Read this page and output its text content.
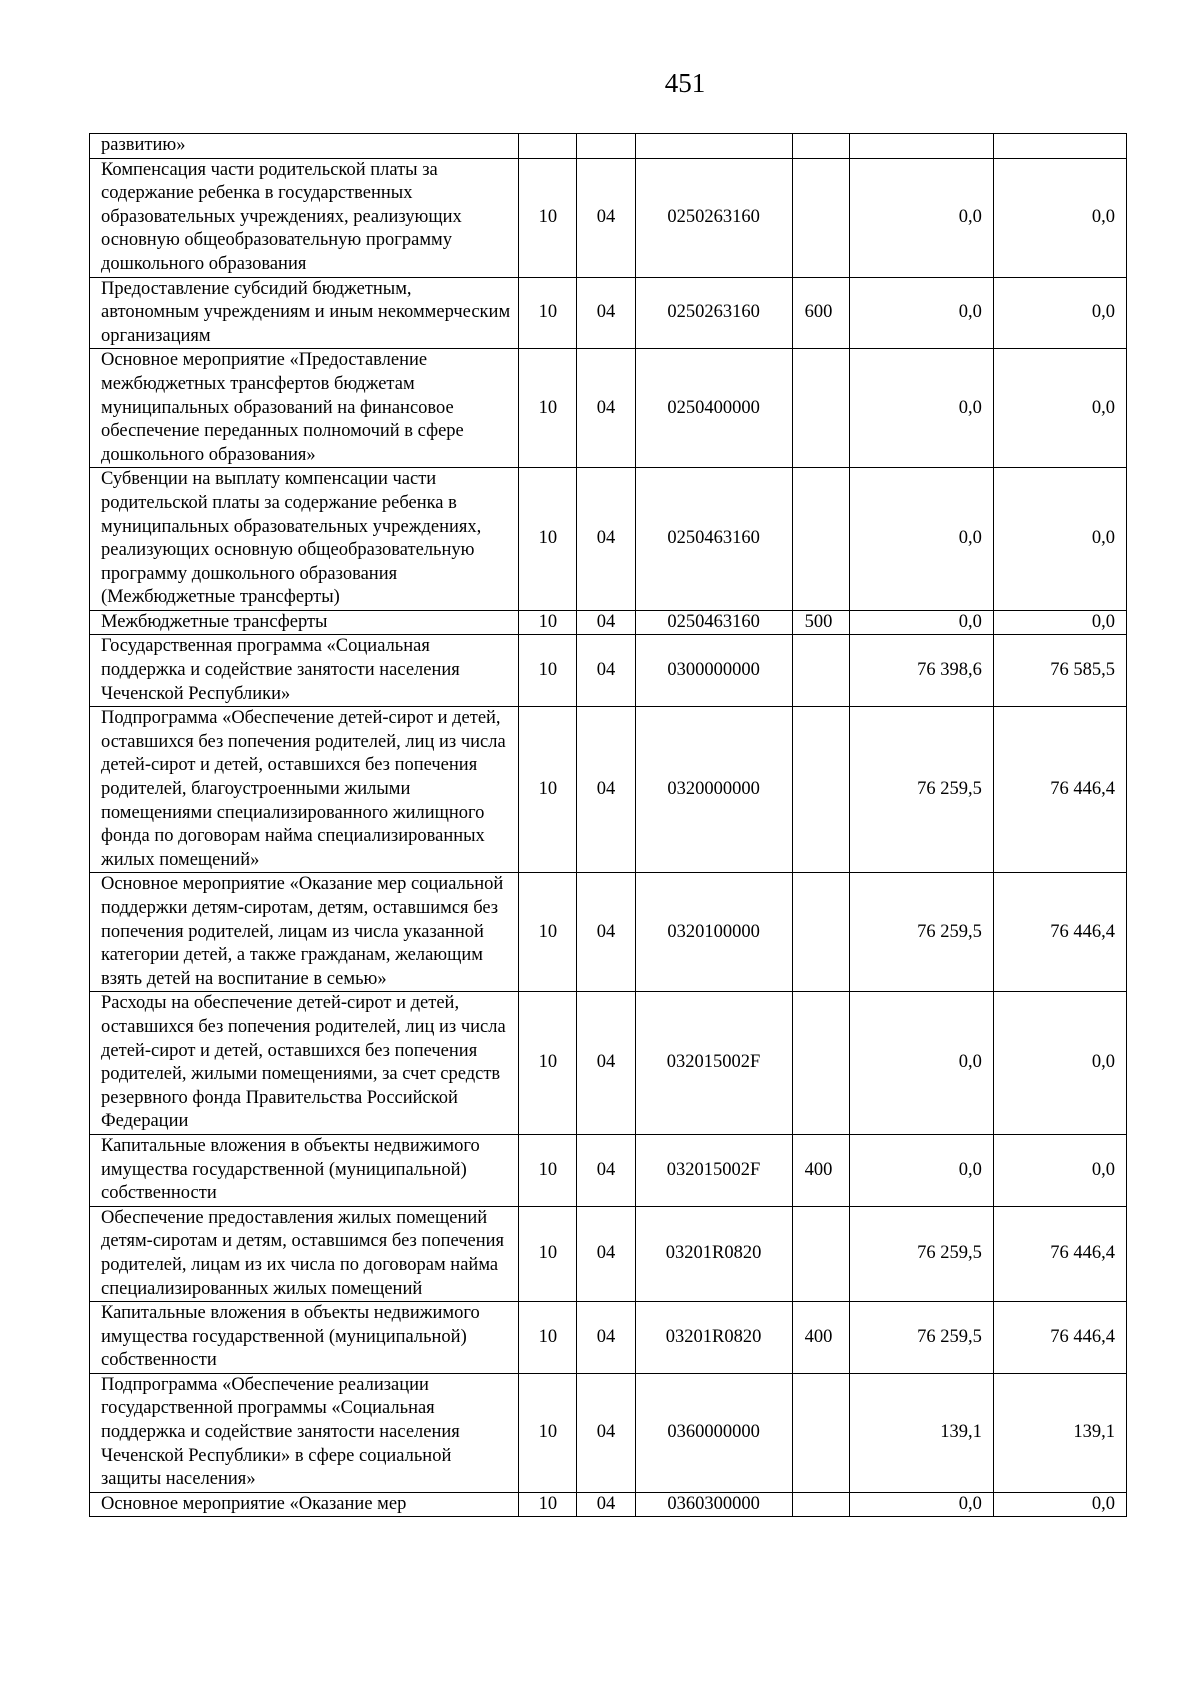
451
развитию»						
Компенсация части родительской платы за содержание ребенка в государственных образовательных учреждениях, реализующих основную общеобразовательную программу дошкольного образования	10	04	0250263160		0,0	0,0
Предоставление субсидий бюджетным, автономным учреждениям и иным некоммерческим организациям	10	04	0250263160	600	0,0	0,0
Основное мероприятие «Предоставление межбюджетных трансфертов бюджетам муниципальных образований на финансовое обеспечение переданных полномочий в сфере дошкольного образования»	10	04	0250400000		0,0	0,0
Субвенции на выплату компенсации части родительской платы за содержание ребенка в муниципальных образовательных учреждениях, реализующих основную общеобразовательную программу дошкольного образования (Межбюджетные трансферты)	10	04	0250463160		0,0	0,0
Межбюджетные трансферты	10	04	0250463160	500	0,0	0,0
Государственная программа «Социальная поддержка и содействие занятости населения Чеченской Республики»	10	04	0300000000		76 398,6	76 585,5
Подпрограмма «Обеспечение детей-сирот и детей, оставшихся без попечения родителей, лиц из числа детей-сирот и детей, оставшихся без попечения родителей, благоустроенными жилыми помещениями специализированного жилищного фонда по договорам найма специализированных жилых помещений»	10	04	0320000000		76 259,5	76 446,4
Основное мероприятие «Оказание мер социальной поддержки детям-сиротам, детям, оставшимся без попечения родителей, лицам из числа указанной категории детей, а также гражданам, желающим взять детей на воспитание в семью»	10	04	0320100000		76 259,5	76 446,4
Расходы на обеспечение детей-сирот и детей, оставшихся без попечения родителей, лиц из числа детей-сирот и детей, оставшихся без попечения родителей, жилыми помещениями, за счет средств резервного фонда Правительства Российской Федерации	10	04	032015002F		0,0	0,0
Капитальные вложения в объекты недвижимого имущества государственной (муниципальной) собственности	10	04	032015002F	400	0,0	0,0
Обеспечение предоставления жилых помещений детям-сиротам и детям, оставшимся без попечения родителей, лицам из их числа по договорам найма специализированных жилых помещений	10	04	03201R0820		76 259,5	76 446,4
Капитальные вложения в объекты недвижимого имущества государственной (муниципальной) собственности	10	04	03201R0820	400	76 259,5	76 446,4
Подпрограмма «Обеспечение реализации государственной программы «Социальная поддержка и содействие занятости населения Чеченской Республики» в сфере социальной защиты населения»	10	04	0360000000		139,1	139,1
Основное мероприятие «Оказание мер	10	04	0360300000		0,0	0,0
